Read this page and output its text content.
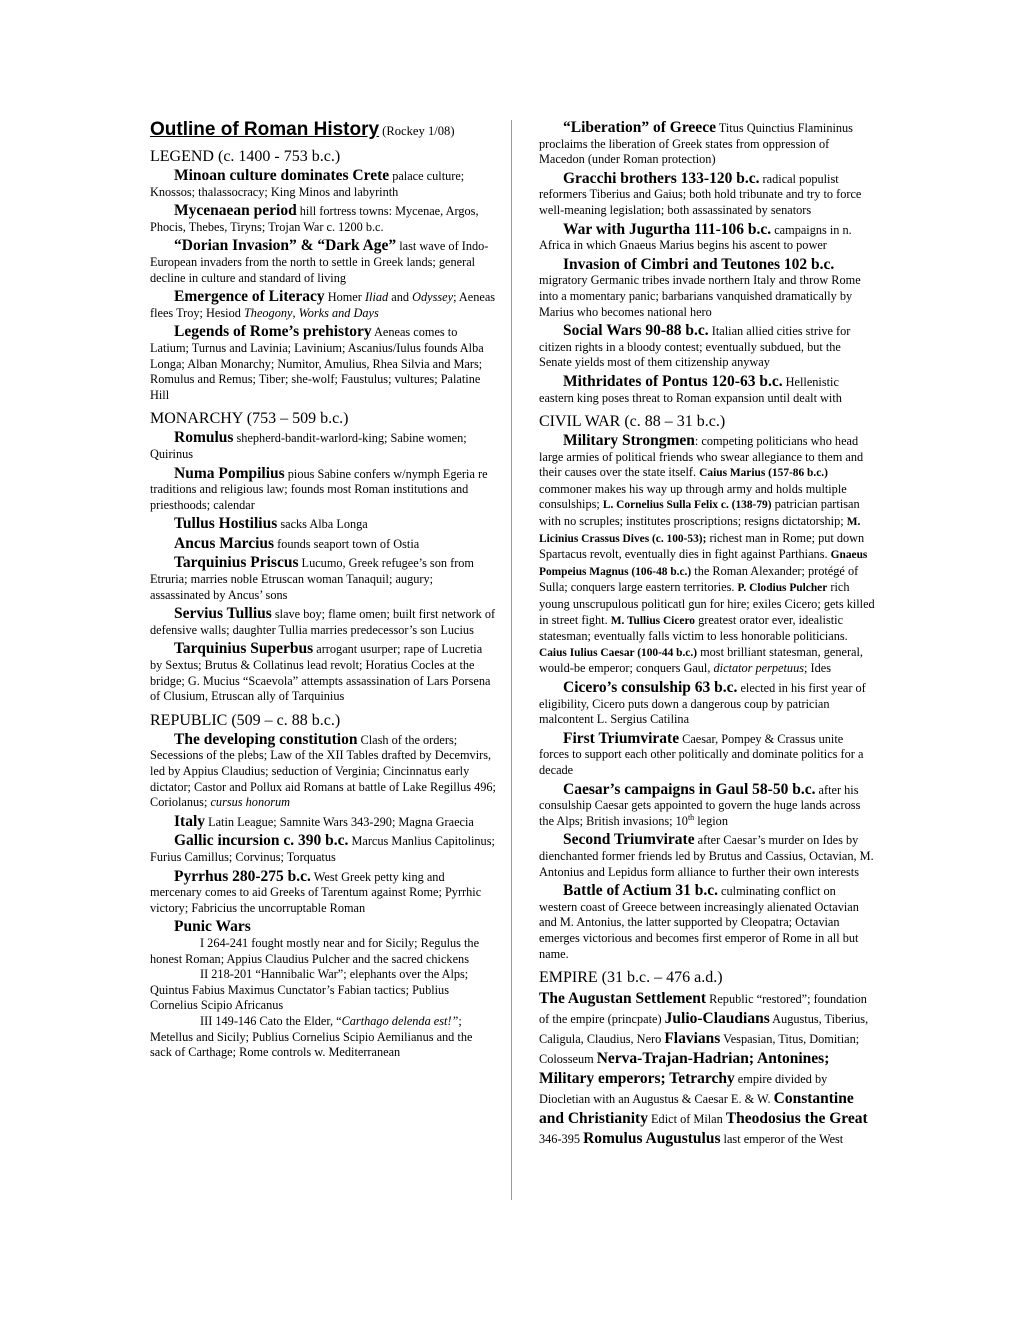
Outline of Roman History (Rockey 1/08)

LEGEND (c. 1400 - 753 b.c.)

Minoan culture dominates Crete palace culture; Knossos; thalassocracy; King Minos and labyrinth

Mycenaean period hill fortress towns: Mycenae, Argos, Phocis, Thebes, Tiryns; Trojan War c. 1200 b.c.

“Dorian Invasion” & “Dark Age” last wave of Indo-European invaders from the north to settle in Greek lands; general decline in culture and standard of living

Emergence of Literacy Homer Iliad and Odyssey; Aeneas flees Troy; Hesiod Theogony, Works and Days

Legends of Rome’s prehistory Aeneas comes to Latium; Turnus and Lavinia; Lavinium; Ascanius/Iulus founds Alba Longa; Alban Monarchy; Numitor, Amulius, Rhea Silvia and Mars; Romulus and Remus; Tiber; she-wolf; Faustulus; vultures; Palatine Hill

MONARCHY (753 – 509 b.c.)

Romulus shepherd-bandit-warlord-king; Sabine women; Quirinus

Numa Pompilius pious Sabine confers w/nymph Egeria re traditions and religious law; founds most Roman institutions and priesthoods; calendar

Tullus Hostilius sacks Alba Longa

Ancus Marcius founds seaport town of Ostia

Tarquinius Priscus Lucumo, Greek refugee’s son from Etruria; marries noble Etruscan woman Tanaquil; augury; assassinated by Ancus’ sons

Servius Tullius slave boy; flame omen; built first network of defensive walls; daughter Tullia marries predecessor’s son Lucius

Tarquinius Superbus arrogant usurper; rape of Lucretia by Sextus; Brutus & Collatinus lead revolt; Horatius Cocles at the bridge; G. Mucius “Scaevola” attempts assassination of Lars Porsena of Clusium, Etruscan ally of Tarquinius

REPUBLIC (509 – c. 88 b.c.)

The developing constitution Clash of the orders; Secessions of the plebs; Law of the XII Tables drafted by Decemvirs, led by Appius Claudius; seduction of Verginia; Cincinnatus early dictator; Castor and Pollux aid Romans at battle of Lake Regillus 496; Coriolanus; cursus honorum

Italy Latin League; Samnite Wars 343-290; Magna Graecia

Gallic incursion c. 390 b.c. Marcus Manlius Capitolinus; Furius Camillus; Corvinus; Torquatus

Pyrrhus 280-275 b.c. West Greek petty king and mercenary comes to aid Greeks of Tarentum against Rome; Pyrrhic victory; Fabricius the uncorruptable Roman

Punic Wars

I 264-241 fought mostly near and for Sicily; Regulus the honest Roman; Appius Claudius Pulcher and the sacred chickens

II 218-201 “Hannibalic War”; elephants over the Alps; Quintus Fabius Maximus Cunctator’s Fabian tactics; Publius Cornelius Scipio Africanus

III 149-146 Cato the Elder, “Carthago delenda est!”; Metellus and Sicily; Publius Cornelius Scipio Aemilianus and the sack of Carthage; Rome controls w. Mediterranean

“Liberation” of Greece Titus Quinctius Flamininus proclaims the liberation of Greek states from oppression of Macedon (under Roman protection)

Gracchi brothers 133-120 b.c. radical populist reformers Tiberius and Gaius; both hold tribunate and try to force well-meaning legislation; both assassinated by senators

War with Jugurtha 111-106 b.c. campaigns in n. Africa in which Gnaeus Marius begins his ascent to power

Invasion of Cimbri and Teutones 102 b.c. migratory Germanic tribes invade northern Italy and throw Rome into a momentary panic; barbarians vanquished dramatically by Marius who becomes national hero

Social Wars 90-88 b.c. Italian allied cities strive for citizen rights in a bloody contest; eventually subdued, but the Senate yields most of them citizenship anyway

Mithridates of Pontus 120-63 b.c. Hellenistic eastern king poses threat to Roman expansion until dealt with

CIVIL WAR (c. 88 – 31 b.c.)

Military Strongmen: competing politicians who head large armies of political friends who swear allegiance to them and their causes over the state itself. Caius Marius (157-86 b.c.) commoner makes his way up through army and holds multiple consulships; L. Cornelius Sulla Felix c. (138-79) patrician partisan with no scruples; institutes proscriptions; resigns dictatorship; M. Licinius Crassus Dives (c. 100-53); richest man in Rome; put down Spartacus revolt, eventually dies in fight against Parthians. Gnaeus Pompeius Magnus (106-48 b.c.) the Roman Alexander; protégé of Sulla; conquers large eastern territories. P. Clodius Pulcher rich young unscrupulous politicatl gun for hire; exiles Cicero; gets killed in street fight. M. Tullius Cicero greatest orator ever, idealistic statesman; eventually falls victim to less honorable politicians. Caius Iulius Caesar (100-44 b.c.) most brilliant statesman, general, would-be emperor; conquers Gaul, dictator perpetuus; Ides

Cicero’s consulship 63 b.c. elected in his first year of eligibility, Cicero puts down a dangerous coup by patrician malcontent L. Sergius Catilina

First Triumvirate Caesar, Pompey & Crassus unite forces to support each other politically and dominate politics for a decade

Caesar’s campaigns in Gaul 58-50 b.c. after his consulship Caesar gets appointed to govern the huge lands across the Alps; British invasions; 10th legion

Second Triumvirate after Caesar’s murder on Ides by dienchanted former friends led by Brutus and Cassius, Octavian, M. Antonius and Lepidus form alliance to further their own interests

Battle of Actium 31 b.c. culminating conflict on western coast of Greece between increasingly alienated Octavian and M. Antonius, the latter supported by Cleopatra; Octavian emerges victorious and becomes first emperor of Rome in all but name.

EMPIRE (31 b.c. – 476 a.d.)

The Augustan Settlement Republic “restored”; foundation of the empire (princpate) Julio-Claudians Augustus, Tiberius, Caligula, Claudius, Nero Flavians Vespasian, Titus, Domitian; Colosseum Nerva-Trajan-Hadrian; Antonines; Military emperors; Tetrarchy empire divided by Diocletian with an Augustus & Caesar E. & W. Constantine and Christianity Edict of Milan Theodosius the Great 346-395 Romulus Augustulus last emperor of the West
